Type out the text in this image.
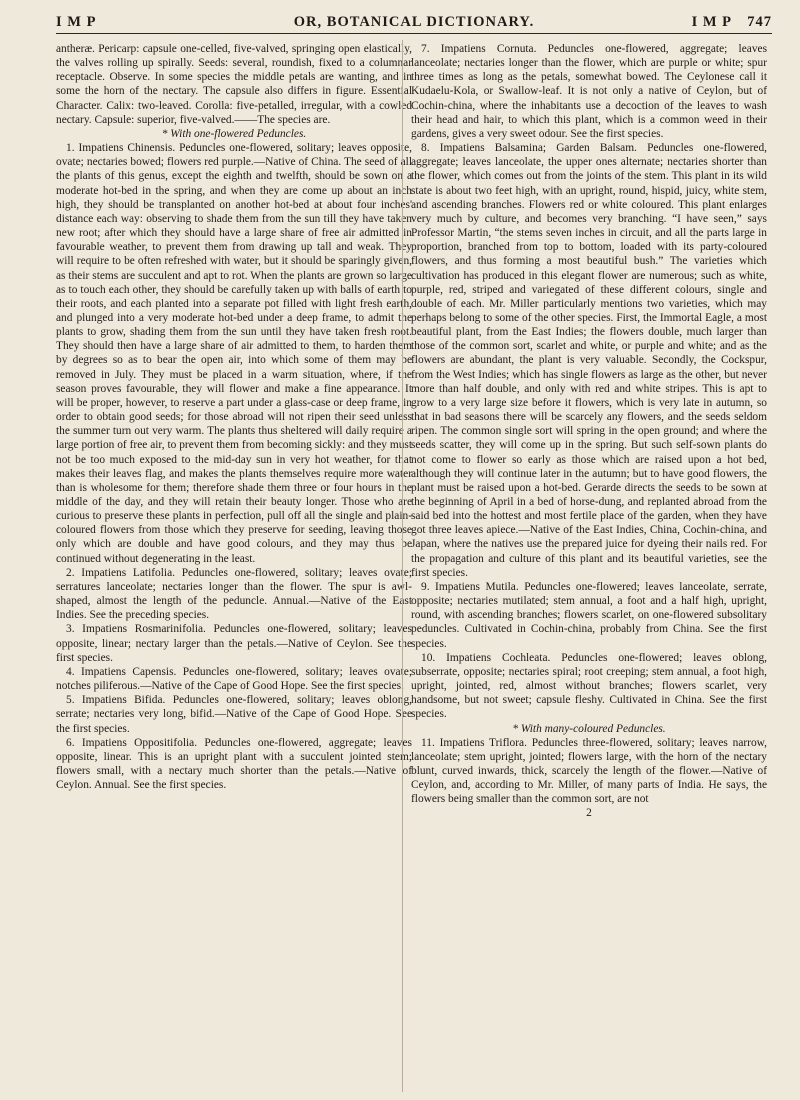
I M P	OR, BOTANICAL DICTIONARY.	I M P 747

antheræ. Pericarp: capsule one-celled, five-valved, springing open elastically, the valves rolling up spirally. Seeds: several, roundish, fixed to a columnar receptacle. Observe. In some species the middle petals are wanting, and in some the horn of the nectary. The capsule also differs in figure. Essential Character. Calix: two-leaved. Corolla: five-petalled, irregular, with a cowled nectary. Capsule: superior, five-valved.——The species are.

* With one-flowered Peduncles.

1. Impatiens Chinensis. Peduncles one-flowered, solitary; leaves opposite, ovate; nectaries bowed; flowers red purple.—Native of China. The seed of all the plants of this genus, except the eighth and twelfth, should be sown on a moderate hot-bed in the spring, and when they are come up about an inch high, they should be transplanted on another hot-bed at about four inches' distance each way: observing to shade them from the sun till they have taken new root; after which they should have a large share of free air admitted in favourable weather, to prevent them from drawing up tall and weak. They will require to be often refreshed with water, but it should be sparingly given, as their stems are succulent and apt to rot. When the plants are grown so large as to touch each other, they should be carefully taken up with balls of earth to their roots, and each planted into a separate pot filled with light fresh earth, and plunged into a very moderate hot-bed under a deep frame, to admit the plants to grow, shading them from the sun until they have taken fresh root. They should then have a large share of air admitted to them, to harden them by degrees so as to bear the open air, into which some of them may be removed in July. They must be placed in a warm situation, where, if the season proves favourable, they will flower and make a fine appearance. It will be proper, however, to reserve a part under a glass-case or deep frame, in order to obtain good seeds; for those abroad will not ripen their seed unless the summer turn out very warm. The plants thus sheltered will daily require a large portion of free air, to prevent them from becoming sickly: and they must not be too much exposed to the mid-day sun in very hot weather, for that makes their leaves flag, and makes the plants themselves require more water than is wholesome for them; therefore shade them three or four hours in the middle of the day, and they will retain their beauty longer. Those who are curious to preserve these plants in perfection, pull off all the single and plain-coloured flowers from those which they preserve for seeding, leaving those only which are double and have good colours, and they may thus be continued without degenerating in the least.

2. Impatiens Latifolia. Peduncles one-flowered, solitary; leaves ovate; serratures lanceolate; nectaries longer than the flower. The spur is awl-shaped, almost the length of the peduncle. Annual.—Native of the East Indies. See the preceding species.

3. Impatiens Rosmarinifolia. Peduncles one-flowered, solitary; leaves opposite, linear; nectary larger than the petals.—Native of Ceylon. See the first species.

4. Impatiens Capensis. Peduncles one-flowered, solitary; leaves ovate; notches piliferous.—Native of the Cape of Good Hope. See the first species.

5. Impatiens Bifida. Peduncles one-flowered, solitary; leaves oblong, serrate; nectaries very long, bifid.—Native of the Cape of Good Hope. See the first species.

6. Impatiens Oppositifolia. Peduncles one-flowered, aggregate; leaves opposite, linear. This is an upright plant with a succulent jointed stem; flowers small, with a nectary much shorter than the petals.—Native of Ceylon. Annual. See the first species.

7. Impatiens Cornuta. Peduncles one-flowered, aggregate; leaves lanceolate; nectaries longer than the flower, which are purple or white; spur three times as long as the petals, somewhat bowed. The Ceylonese call it Kudaelu-Kola, or Swallow-leaf. It is not only a native of Ceylon, but of Cochin-china, where the inhabitants use a decoction of the leaves to wash their head and hair, to which this plant, which is a common weed in their gardens, gives a very sweet odour. See the first species.

8. Impatiens Balsamina; Garden Balsam. Peduncles one-flowered, aggregate; leaves lanceolate, the upper ones alternate; nectaries shorter than the flower, which comes out from the joints of the stem. This plant in its wild state is about two feet high, with an upright, round, hispid, juicy, white stem, and ascending branches. Flowers red or white coloured. This plant enlarges very much by culture, and becomes very branching. “I have seen,” says Professor Martin, “the stems seven inches in circuit, and all the parts large in proportion, branched from top to bottom, loaded with its party-coloured flowers, and thus forming a most beautiful bush.” The varieties which cultivation has produced in this elegant flower are numerous; such as white, purple, red, striped and variegated of these different colours, single and double of each. Mr. Miller particularly mentions two varieties, which may perhaps belong to some of the other species. First, the Immortal Eagle, a most beautiful plant, from the East Indies; the flowers double, much larger than those of the common sort, scarlet and white, or purple and white; and as the flowers are abundant, the plant is very valuable. Secondly, the Cockspur, from the West Indies; which has single flowers as large as the other, but never more than half double, and only with red and white stripes. This is apt to grow to a very large size before it flowers, which is very late in autumn, so that in bad seasons there will be scarcely any flowers, and the seeds seldom ripen. The common single sort will spring in the open ground; and where the seeds scatter, they will come up in the spring. But such self-sown plants do not come to flower so early as those which are raised upon a hot bed, although they will continue later in the autumn; but to have good flowers, the plant must be raised upon a hot-bed. Gerarde directs the seeds to be sown at the beginning of April in a bed of horse-dung, and replanted abroad from the said bed into the hottest and most fertile place of the garden, when they have got three leaves apiece.—Native of the East Indies, China, Cochin-china, and Japan, where the natives use the prepared juice for dyeing their nails red. For the propagation and culture of this plant and its beautiful varieties, see the first species.

9. Impatiens Mutila. Peduncles one-flowered; leaves lanceolate, serrate, opposite; nectaries mutilated; stem annual, a foot and a half high, upright, round, with ascending branches; flowers scarlet, on one-flowered subsolitary peduncles. Cultivated in Cochin-china, probably from China. See the first species.

10. Impatiens Cochleata. Peduncles one-flowered; leaves oblong, subserrate, opposite; nectaries spiral; root creeping; stem annual, a foot high, upright, jointed, red, almost without branches; flowers scarlet, very handsome, but not sweet; capsule fleshy. Cultivated in China. See the first species.

* With many-coloured Peduncles.

11. Impatiens Triflora. Peduncles three-flowered, solitary; leaves narrow, lanceolate; stem upright, jointed; flowers large, with the horn of the nectary blunt, curved inwards, thick, scarcely the length of the flower.—Native of Ceylon, and, according to Mr. Miller, of many parts of India. He says, the flowers being smaller than the common sort, are not

2
